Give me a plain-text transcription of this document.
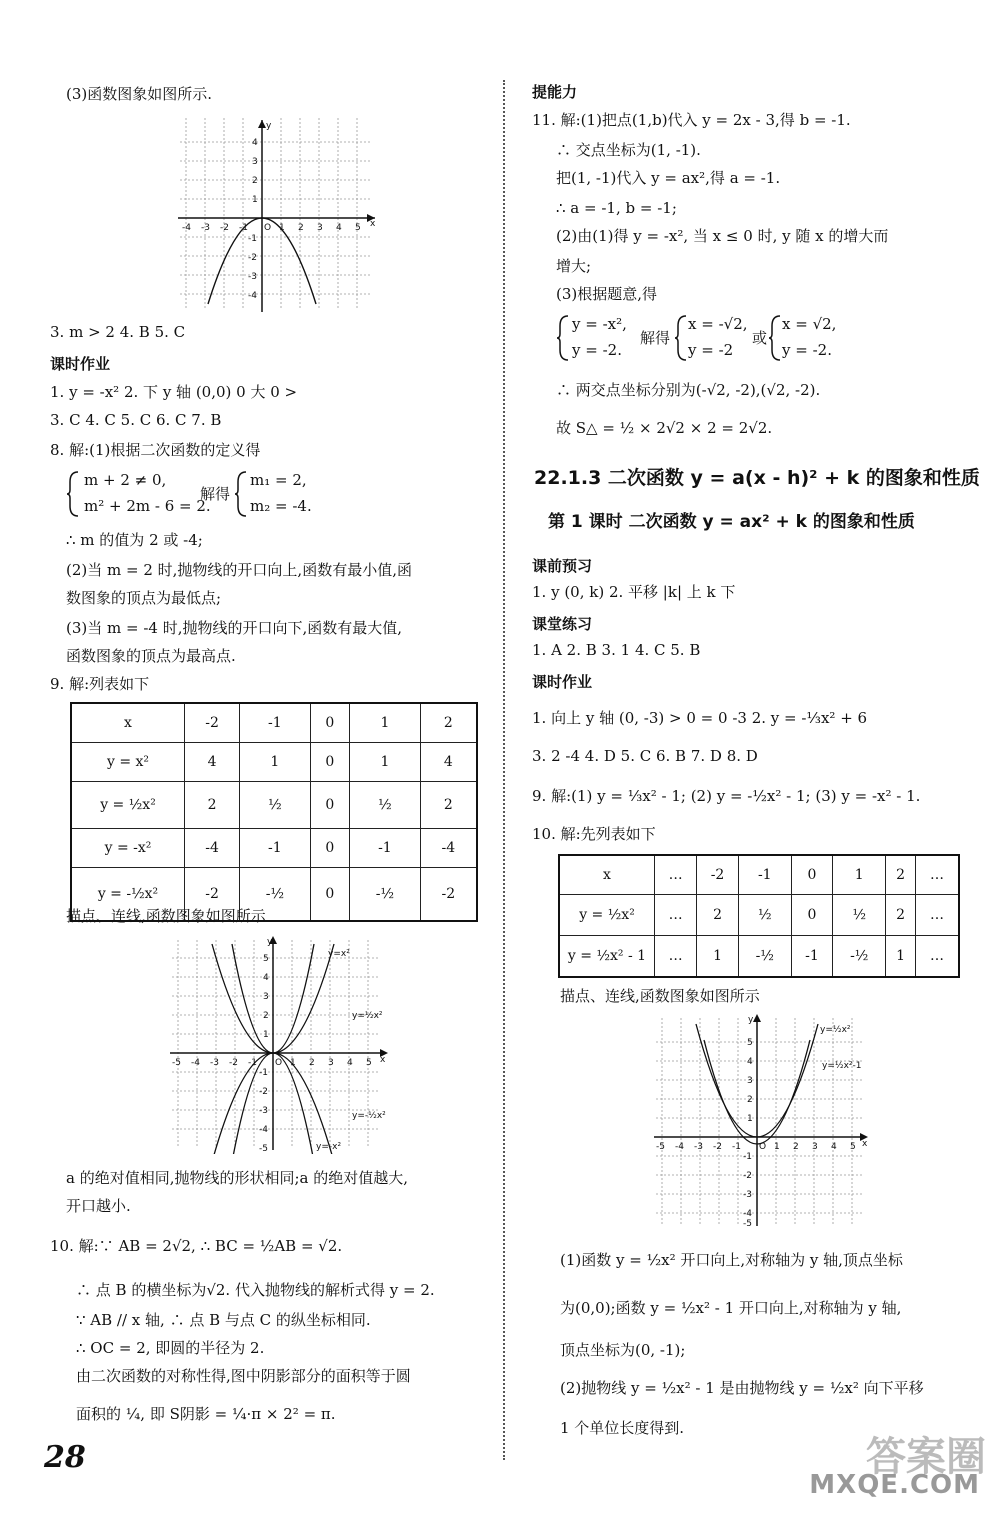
(3)函数图象如图所示.
-4 -3 -2 -1 O 1 2 3 4 5 x
4
3
2
1
-1
-2
-3
-4
y
3. m > 2 4. B 5. C
课时作业
1. y = -x² 2. 下 y 轴 (0,0) 0 大 0 >
3. C 4. C 5. C 6. C 7. B
8. 解:(1)根据二次函数的定义得
m + 2 ≠ 0,
m² + 2m - 6 = 2.
解得
m₁ = 2,
m₂ = -4.
∴ m 的值为 2 或 -4;
(2)当 m = 2 时,抛物线的开口向上,函数有最小值,函
数图象的顶点为最低点;
(3)当 m = -4 时,抛物线的开口向下,函数有最大值,
函数图象的顶点为最高点.
9. 解:列表如下
x	-2	-1	0	1	2
y = x²	4	1	0	1	4
y = ½x²	2	½	0	½	2
y = -x²	-4	-1	0	-1	-4
y = -½x²	-2	-½	0	-½	-2
描点、连线,函数图象如图所示
-5 -4 -3 -2 -1 O 1 2 3 4 5 x
5
4
3
2
1
-1
-2
-3
-4
-5
y
y=x²
y=½x²
y=-½x²
y=-x²
a 的绝对值相同,抛物线的形状相同;a 的绝对值越大,
开口越小.
10. 解:∵ AB = 2√2, ∴ BC = ½AB = √2.
∴ 点 B 的横坐标为√2. 代入抛物线的解析式得 y = 2.
∵ AB // x 轴, ∴ 点 B 与点 C 的纵坐标相同.
∴ OC = 2, 即圆的半径为 2.
由二次函数的对称性得,图中阴影部分的面积等于圆
面积的 ¼, 即 S阴影 = ¼·π × 2² = π.
提能力
11. 解:(1)把点(1,b)代入 y = 2x - 3,得 b = -1.
∴ 交点坐标为(1, -1).
把(1, -1)代入 y = ax²,得 a = -1.
∴ a = -1, b = -1;
(2)由(1)得 y = -x², 当 x ≤ 0 时, y 随 x 的增大而
增大;
(3)根据题意,得
y = -x²,
y = -2.
解得
x = -√2,
y = -2
或
x = √2,
y = -2.
∴ 两交点坐标分别为(-√2, -2),(√2, -2).
故 S△ = ½ × 2√2 × 2 = 2√2.
22.1.3 二次函数 y = a(x - h)² + k 的图象和性质
第 1 课时 二次函数 y = ax² + k 的图象和性质
课前预习
1. y (0, k) 2. 平移 |k| 上 k 下
课堂练习
1. A 2. B 3. 1 4. C 5. B
课时作业
1. 向上 y 轴 (0, -3) > 0 = 0 -3 2. y = -⅓x² + 6
3. 2 -4 4. D 5. C 6. B 7. D 8. D
9. 解:(1) y = ⅓x² - 1; (2) y = -½x² - 1; (3) y = -x² - 1.
10. 解:先列表如下
x	…	-2	-1	0	1	2	…
y = ½x²	…	2	½	0	½	2	…
y = ½x² - 1	…	1	-½	-1	-½	1	…
描点、连线,函数图象如图所示
-5 -4 -3 -2 -1 O 1 2 3 4 5 x
5
4
3
2
1
-1
-2
-3
-4
-5
y
y=½x²
y=½x²-1
(1)函数 y = ½x² 开口向上,对称轴为 y 轴,顶点坐标
为(0,0);函数 y = ½x² - 1 开口向上,对称轴为 y 轴,
顶点坐标为(0, -1);
(2)抛物线 y = ½x² - 1 是由抛物线 y = ½x² 向下平移
1 个单位长度得到.
28	答案圈
MXQE.COM
